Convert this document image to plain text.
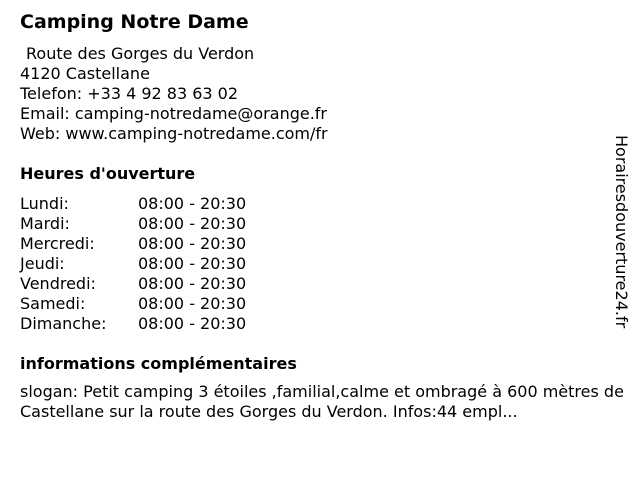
Camping Notre Dame
Route des Gorges du Verdon
4120 Castellane
Telefon: +33 4 92 83 63 02
Email: camping-notredame@orange.fr
Web: www.camping-notredame.com/fr
Heures d'ouverture
Lundi:	08:00 - 20:30
Mardi:	08:00 - 20:30
Mercredi:	08:00 - 20:30
Jeudi:	08:00 - 20:30
Vendredi:	08:00 - 20:30
Samedi:	08:00 - 20:30
Dimanche: 08:00 - 20:30
informations complémentaires
slogan: Petit camping 3 étoiles ,familial,calme et ombragé à 600 mètres de Castellane sur la route des Gorges du Verdon. Infos:44 empl...
Horairesdouverture24.fr
